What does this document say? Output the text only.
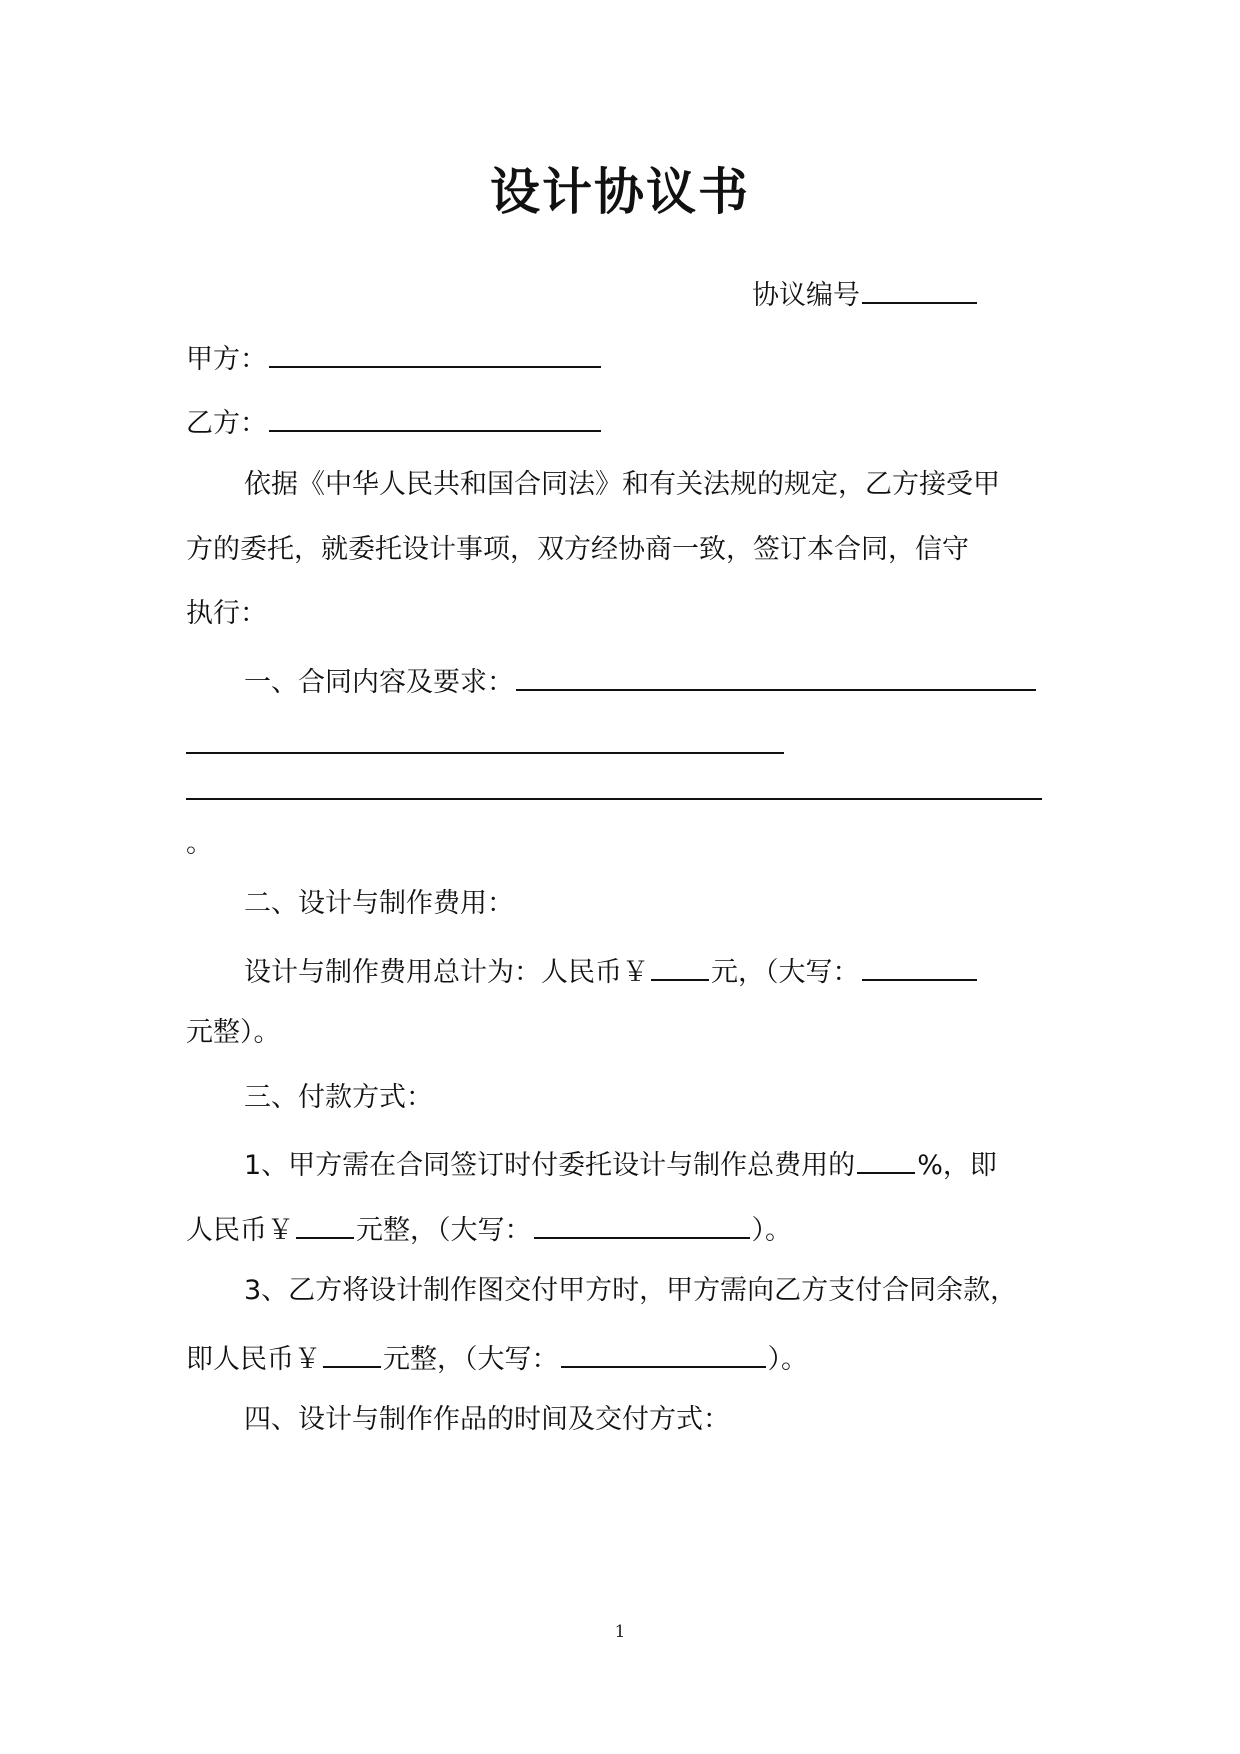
设计协议书
协议编号
甲方：
乙方：
依据《中华人民共和国合同法》和有关法规的规定，乙方接受甲
方的委托，就委托设计事项，双方经协商一致，签订本合同，信守
执行：
一、合同内容及要求：
。
二、设计与制作费用：
设计与制作费用总计为：人民币￥ 元，（大写：
元整）。
三、付款方式：
1、甲方需在合同签订时付委托设计与制作总费用的 %，即
人民币￥ 元整，（大写：	）。
3、乙方将设计制作图交付甲方时，甲方需向乙方支付合同余款，
即人民币￥ 元整，（大写：	）。
四、设计与制作作品的时间及交付方式：
1
